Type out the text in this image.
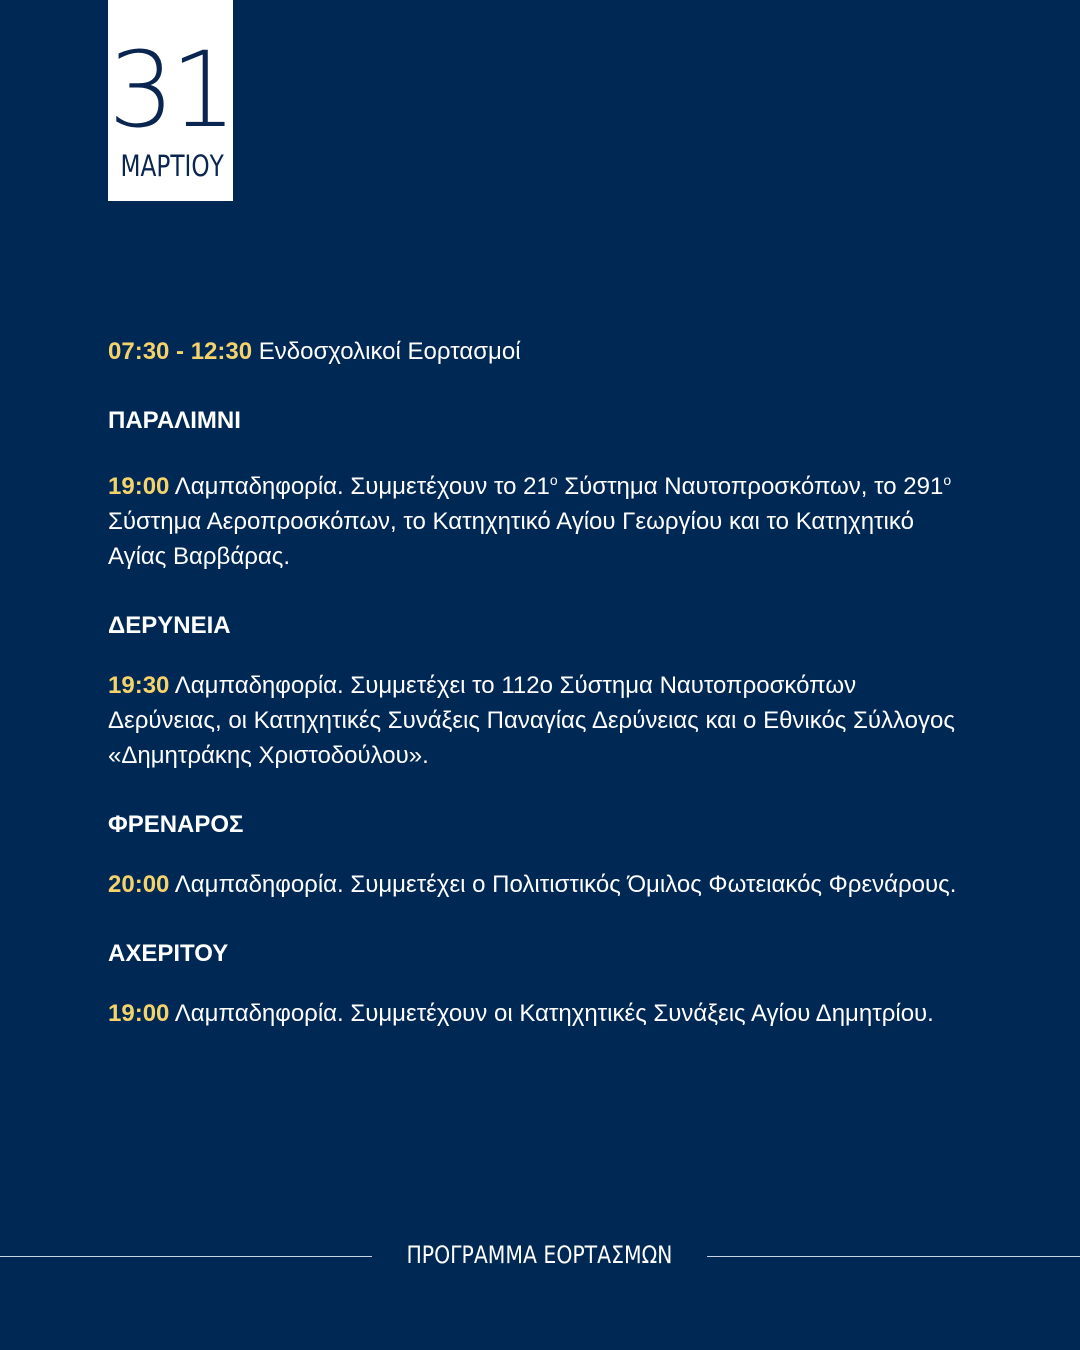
31
ΜΑΡΤΙΟΥ

07:30 - 12:30 Ενδοσχολικοί Εορτασμοί

ΠΑΡΑΛΙΜΝΙ

19:00 Λαμπαδηφορία. Συμμετέχουν το $21^o$ Σύστημα Ναυτοπροσκόπων, το $291^o$ Σύστημα Αεροπροσκόπων, το Κατηχητικό Αγίου Γεωργίου και το Κατηχητικό Αγίας Βαρβάρας.

ΔΕΡΥΝΕΙΑ

19:30 Λαμπαδηφορία. Συμμετέχει το 112ο Σύστημα Ναυτοπροσκόπων Δερύνειας, οι Κατηχητικές Συνάξεις Παναγίας Δερύνειας και ο Εθνικός Σύλλογος «Δημητράκης Χριστοδούλου».

ΦΡΕΝΑΡΟΣ

20:00 Λαμπαδηφορία. Συμμετέχει ο Πολιτιστικός Όμιλος Φωτειακός Φρενάρους.

ΑΧΕΡΙΤΟΥ

19:00 Λαμπαδηφορία. Συμμετέχουν οι Κατηχητικές Συνάξεις Αγίου Δημητρίου.

ΠΡΟΓΡΑΜΜΑ ΕΟΡΤΑΣΜΩΝ
